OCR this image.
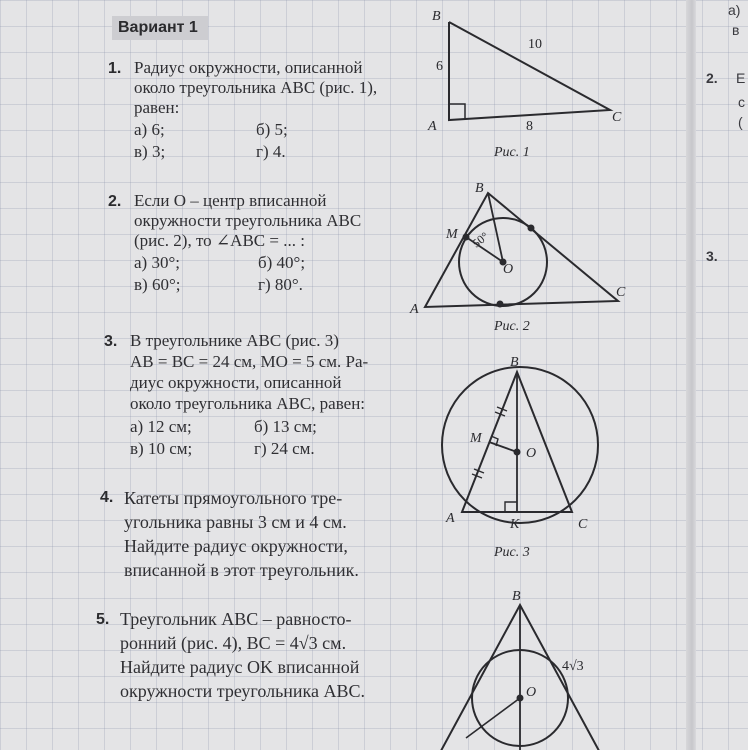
Вариант 1
1. Радиус окружности, описанной
около треугольника ABC (рис. 1),
равен:
а) 6;	б) 5;
в) 3;	г) 4.
2. Если O – центр вписанной
окружности треугольника ABC
(рис. 2), то ∠ABC = ... :
а) 30°;	б) 40°;
в) 60°;	г) 80°.
3. В треугольнике ABC (рис. 3)
AB = BC = 24 см, MO = 5 см. Ра-
диус окружности, описанной
около треугольника ABC, равен:
а) 12 см;	б) 13 см;
в) 10 см;	г) 24 см.
4. Катеты прямоугольного тре-
угольника равны 3 см и 4 см.
Найдите радиус окружности,
вписанной в этот треугольник.
5. Треугольник ABC – равносто-
ронний (рис. 4), BC = 4√3 см.
Найдите радиус OK вписанной
окружности треугольника ABC.
B
A
C
6
10
8
Рис. 1
B
M
O
A
C
50°
Рис. 2
B
M
O
A	K	C
Рис. 3
B
O
4√3
2.
3.
в
а)
Е
с
(
